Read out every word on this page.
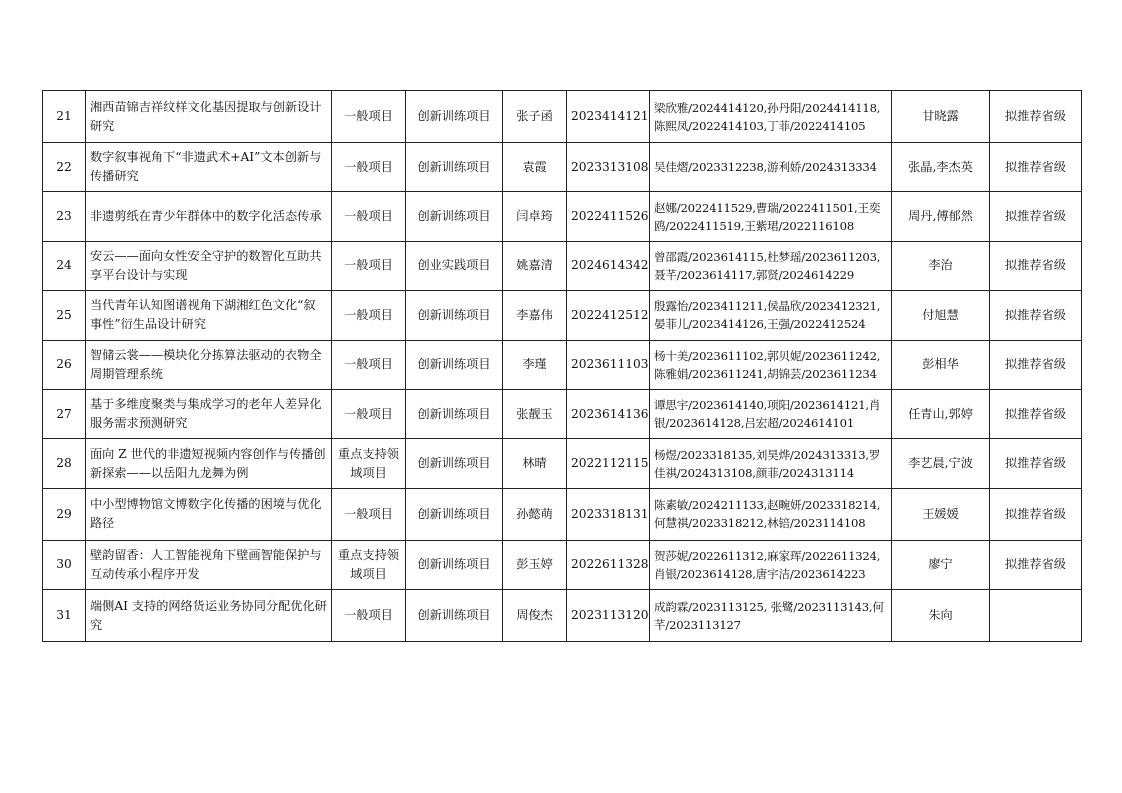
21	湘西苗锦吉祥纹样文化基因提取与创新设计研究	一般项目	创新训练项目	张子函	2023414121	梁欣雅/2024414120,孙丹阳/2024414118,陈熙凤/2022414103,丁菲/2022414105	甘晓露	拟推荐省级
22	数字叙事视角下“非遗武术+AI”文本创新与传播研究	一般项目	创新训练项目	袁霞	2023313108	吴佳熠/2023312238,游利娇/2024313334	张晶,李杰英	拟推荐省级
23	非遗剪纸在青少年群体中的数字化活态传承	一般项目	创新训练项目	闫卓筠	2022411526	赵娜/2022411529,曹瑞/2022411501,王奕鸥/2022411519,王紫珺/2022116108	周丹,傅郁然	拟推荐省级
24	安云——面向女性安全守护的数智化互助共享平台设计与实现	一般项目	创业实践项目	姚嘉清	2024614342	曾邵霞/2023614115,杜梦瑶/2023611203,聂芊/2023614117,郭贤/2024614229	李治	拟推荐省级
25	当代青年认知图谱视角下湖湘红色文化“叙事性”衍生品设计研究	一般项目	创新训练项目	李嘉伟	2022412512	殷露怡/2023411211,侯晶欣/2023412321,晏菲儿/2023414126,王强/2022412524	付旭慧	拟推荐省级
26	智储云裳——模块化分拣算法驱动的衣物全周期管理系统	一般项目	创新训练项目	李瑾	2023611103	杨十美/2023611102,郭贝妮/2023611242,陈雅娟/2023611241,胡锦芸/2023611234	彭相华	拟推荐省级
27	基于多维度聚类与集成学习的老年人差异化服务需求预测研究	一般项目	创新训练项目	张靓玉	2023614136	谭思宇/2023614140,项阳/2023614121,肖银/2023614128,吕宏超/2024614101	任青山,郭婷	拟推荐省级
28	面向 Z 世代的非遗短视频内容创作与传播创新探索——以岳阳九龙舞为例	重点支持领域项目	创新训练项目	林晴	2022112115	杨煜/2023318135,刘昊烨/2024313313,罗佳祺/2024313108,颜菲/2024313114	李艺晨,宁波	拟推荐省级
29	中小型博物馆文博数字化传播的困境与优化路径	一般项目	创新训练项目	孙懿萌	2023318131	陈素敏/2024211133,赵畹妍/2023318214,何慧祺/2023318212,林锫/2023114108	王媛媛	拟推荐省级
30	壁韵留香：人工智能视角下壁画智能保护与互动传承小程序开发	重点支持领域项目	创新训练项目	彭玉婷	2022611328	贺莎妮/2022611312,麻家珲/2022611324,肖银/2023614128,唐宇洁/2023614223	廖宁	拟推荐省级
31	端侧AI 支持的网络货运业务协同分配优化研究	一般项目	创新训练项目	周俊杰	2023113120	成韵霖/2023113125, 张鹭/2023113143,何芊/2023113127	朱向	
